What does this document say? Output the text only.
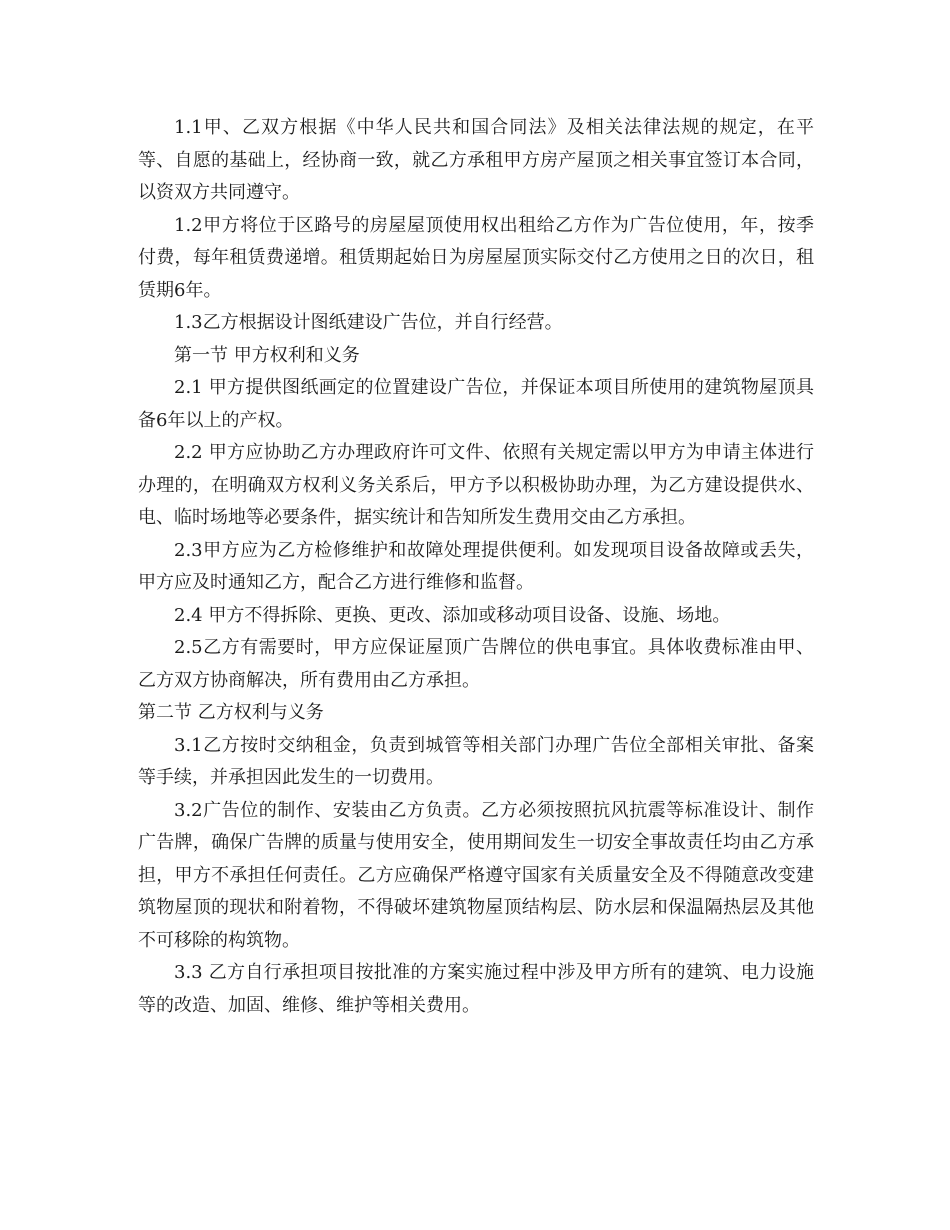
1.1甲、乙双方根据《中华人民共和国合同法》及相关法律法规的规定，在平等、自愿的基础上，经协商一致，就乙方承租甲方房产屋顶之相关事宜签订本合同，以资双方共同遵守。

1.2甲方将位于区路号的房屋屋顶使用权出租给乙方作为广告位使用，年，按季付费，每年租赁费递增。租赁期起始日为房屋屋顶实际交付乙方使用之日的次日，租赁期6年。

1.3乙方根据设计图纸建设广告位，并自行经营。

第一节 甲方权利和义务

2.1 甲方提供图纸画定的位置建设广告位，并保证本项目所使用的建筑物屋顶具备6年以上的产权。

2.2 甲方应协助乙方办理政府许可文件、依照有关规定需以甲方为申请主体进行办理的，在明确双方权利义务关系后，甲方予以积极协助办理，为乙方建设提供水、电、临时场地等必要条件，据实统计和告知所发生费用交由乙方承担。

2.3甲方应为乙方检修维护和故障处理提供便利。如发现项目设备故障或丢失，甲方应及时通知乙方，配合乙方进行维修和监督。

2.4 甲方不得拆除、更换、更改、添加或移动项目设备、设施、场地。

2.5乙方有需要时，甲方应保证屋顶广告牌位的供电事宜。具体收费标准由甲、乙方双方协商解决，所有费用由乙方承担。

第二节 乙方权利与义务

3.1乙方按时交纳租金，负责到城管等相关部门办理广告位全部相关审批、备案等手续，并承担因此发生的一切费用。

3.2广告位的制作、安装由乙方负责。乙方必须按照抗风抗震等标准设计、制作广告牌，确保广告牌的质量与使用安全，使用期间发生一切安全事故责任均由乙方承担，甲方不承担任何责任。乙方应确保严格遵守国家有关质量安全及不得随意改变建筑物屋顶的现状和附着物，不得破坏建筑物屋顶结构层、防水层和保温隔热层及其他不可移除的构筑物。

3.3 乙方自行承担项目按批准的方案实施过程中涉及甲方所有的建筑、电力设施等的改造、加固、维修、维护等相关费用。
